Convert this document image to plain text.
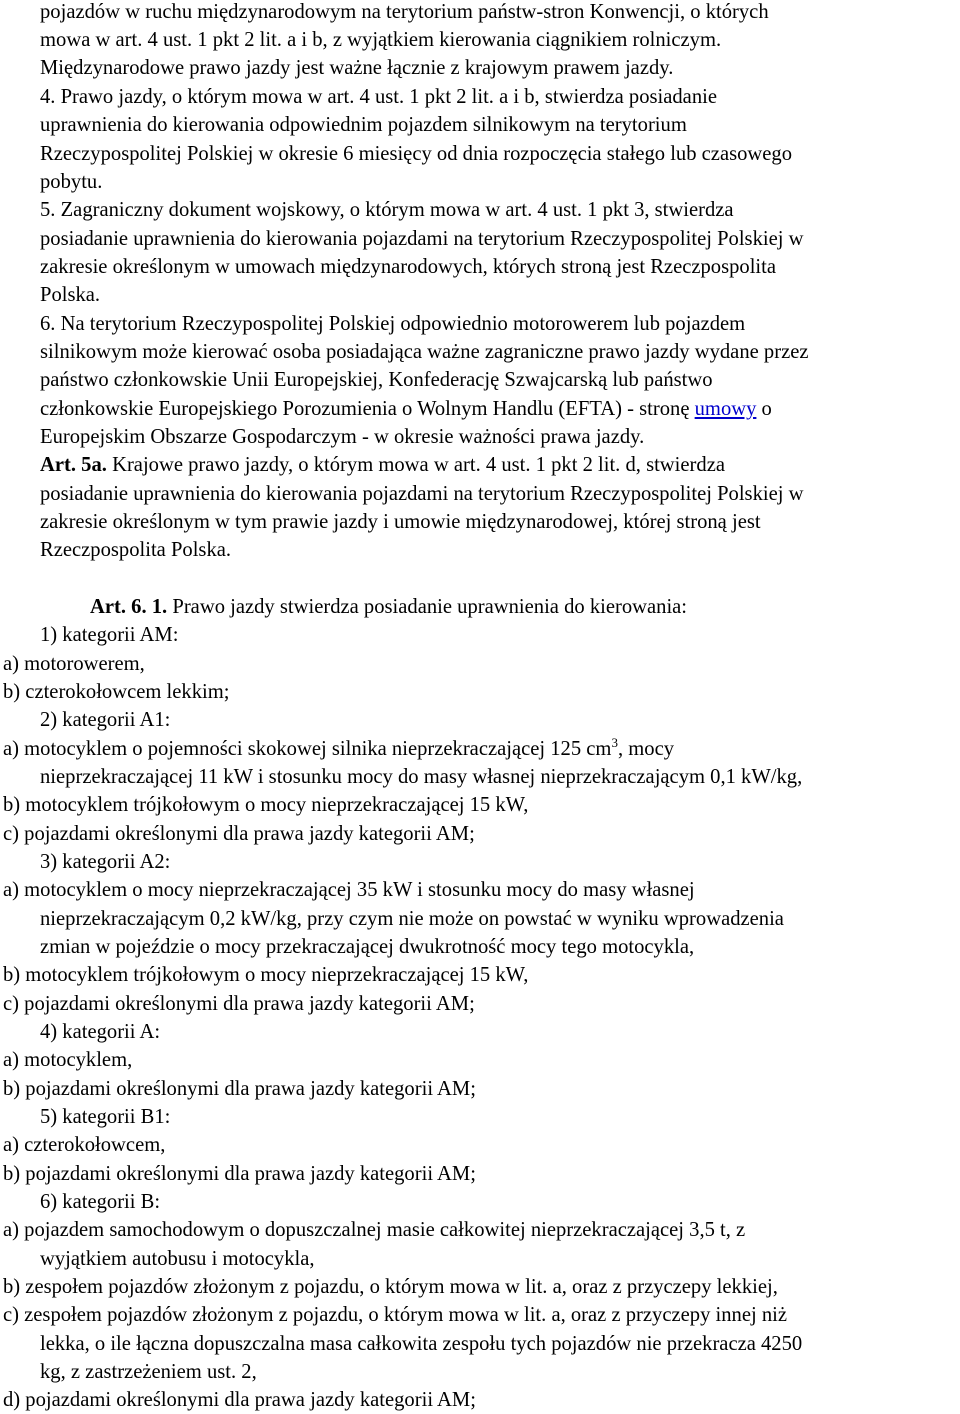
pojazdów w ruchu międzynarodowym na terytorium państw-stron Konwencji, o których
mowa w art. 4 ust. 1 pkt 2 lit. a i b, z wyjątkiem kierowania ciągnikiem rolniczym.
Międzynarodowe prawo jazdy jest ważne łącznie z krajowym prawem jazdy.
4. Prawo jazdy, o którym mowa w art. 4 ust. 1 pkt 2 lit. a i b, stwierdza posiadanie
uprawnienia do kierowania odpowiednim pojazdem silnikowym na terytorium
Rzeczypospolitej Polskiej w okresie 6 miesięcy od dnia rozpoczęcia stałego lub czasowego
pobytu.
5. Zagraniczny dokument wojskowy, o którym mowa w art. 4 ust. 1 pkt 3, stwierdza
posiadanie uprawnienia do kierowania pojazdami na terytorium Rzeczypospolitej Polskiej w
zakresie określonym w umowach międzynarodowych, których stroną jest Rzeczpospolita
Polska.
6. Na terytorium Rzeczypospolitej Polskiej odpowiednio motorowerem lub pojazdem
silnikowym może kierować osoba posiadająca ważne zagraniczne prawo jazdy wydane przez
państwo członkowskie Unii Europejskiej, Konfederację Szwajcarską lub państwo
członkowskie Europejskiego Porozumienia o Wolnym Handlu (EFTA) - stronę umowy o
Europejskim Obszarze Gospodarczym - w okresie ważności prawa jazdy.
Art. 5a. Krajowe prawo jazdy, o którym mowa w art. 4 ust. 1 pkt 2 lit. d, stwierdza
posiadanie uprawnienia do kierowania pojazdami na terytorium Rzeczypospolitej Polskiej w
zakresie określonym w tym prawie jazdy i umowie międzynarodowej, której stroną jest
Rzeczpospolita Polska.
Art. 6. 1. Prawo jazdy stwierdza posiadanie uprawnienia do kierowania:
1) kategorii AM:
a) motorowerem,
b) czterokołowcem lekkim;
2) kategorii A1:
a) motocyklem o pojemności skokowej silnika nieprzekraczającej 125 $cm^3$, mocy
nieprzekraczającej 11 kW i stosunku mocy do masy własnej nieprzekraczającym 0,1 kW/kg,
b) motocyklem trójkołowym o mocy nieprzekraczającej 15 kW,
c) pojazdami określonymi dla prawa jazdy kategorii AM;
3) kategorii A2:
a) motocyklem o mocy nieprzekraczającej 35 kW i stosunku mocy do masy własnej
nieprzekraczającym 0,2 kW/kg, przy czym nie może on powstać w wyniku wprowadzenia
zmian w pojeździe o mocy przekraczającej dwukrotność mocy tego motocykla,
b) motocyklem trójkołowym o mocy nieprzekraczającej 15 kW,
c) pojazdami określonymi dla prawa jazdy kategorii AM;
4) kategorii A:
a) motocyklem,
b) pojazdami określonymi dla prawa jazdy kategorii AM;
5) kategorii B1:
a) czterokołowcem,
b) pojazdami określonymi dla prawa jazdy kategorii AM;
6) kategorii B:
a) pojazdem samochodowym o dopuszczalnej masie całkowitej nieprzekraczającej 3,5 t, z
wyjątkiem autobusu i motocykla,
b) zespołem pojazdów złożonym z pojazdu, o którym mowa w lit. a, oraz z przyczepy lekkiej,
c) zespołem pojazdów złożonym z pojazdu, o którym mowa w lit. a, oraz z przyczepy innej niż
lekka, o ile łączna dopuszczalna masa całkowita zespołu tych pojazdów nie przekracza 4250
kg, z zastrzeżeniem ust. 2,
d) pojazdami określonymi dla prawa jazdy kategorii AM;
